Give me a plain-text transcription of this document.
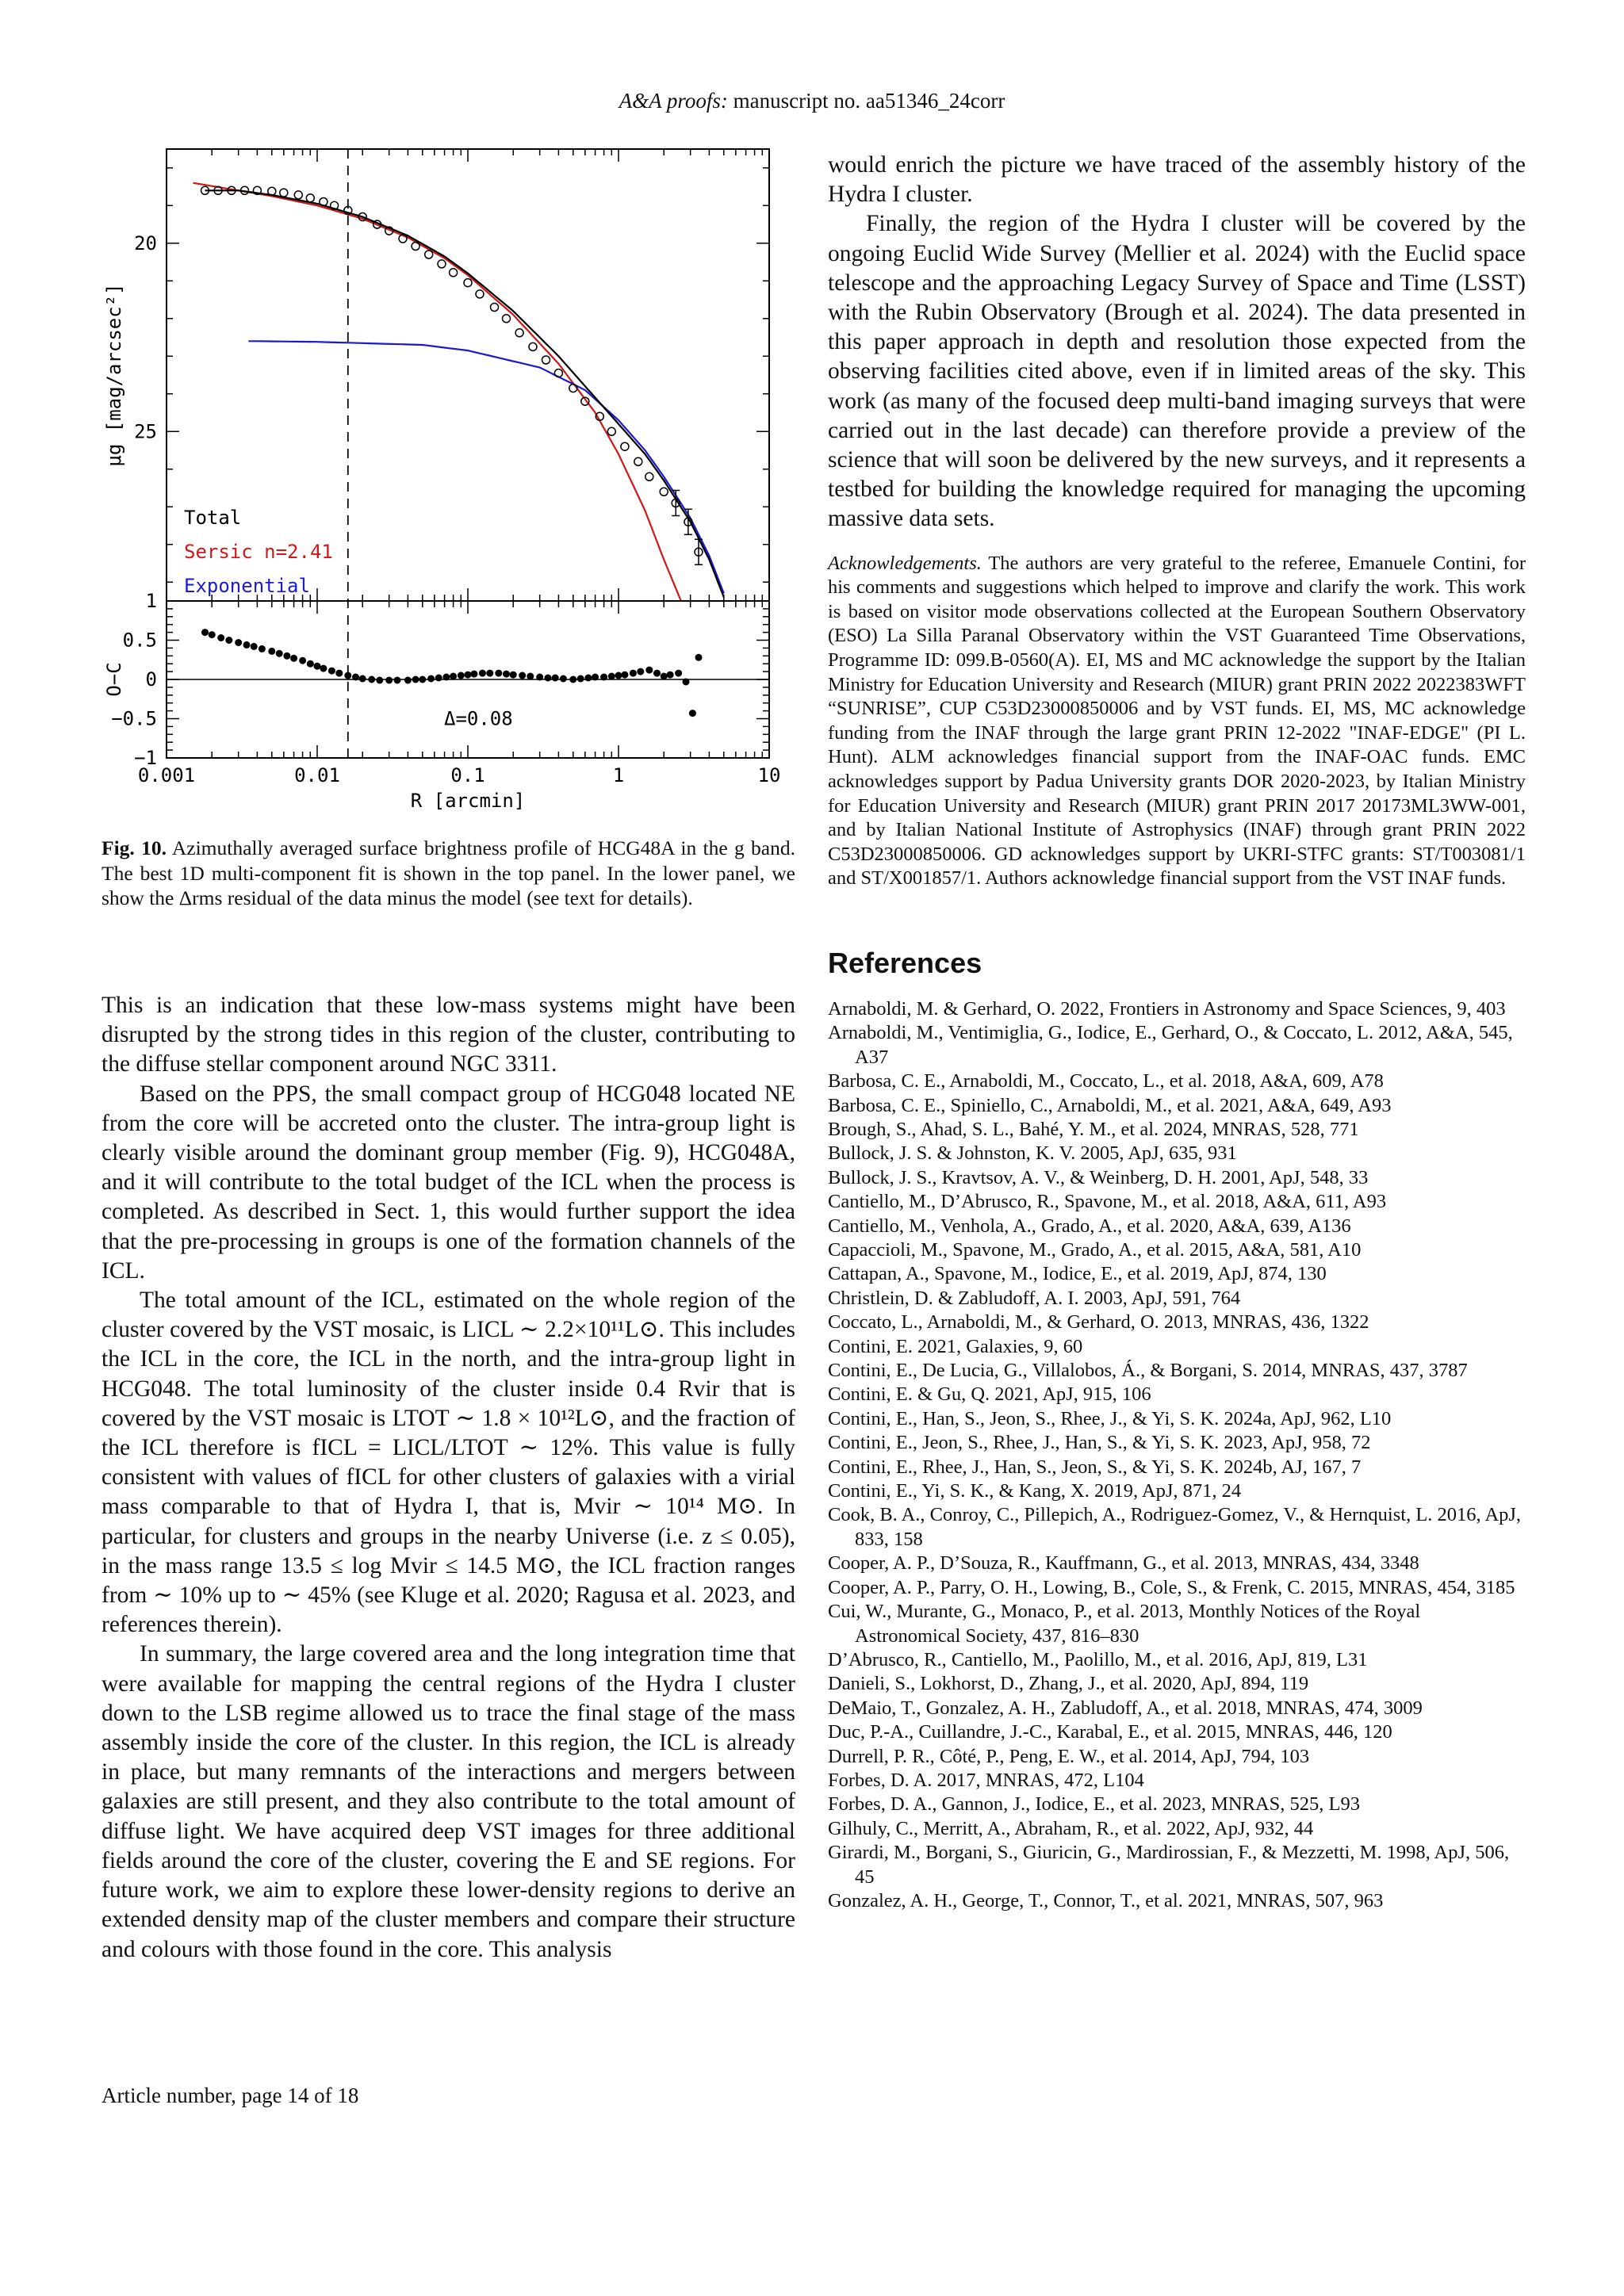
A&A proofs: manuscript no. aa51346_24corr
20
25
μg [mag/arcsec²]
Total
Sersic n=2.41
Exponential
1
0.5
0
−0.5
−1
Δ=0.08
0.001	0.01	0.1	1	10
R [arcmin]
O−C
Fig. 10. Azimuthally averaged surface brightness profile of HCG48A in the g band. The best 1D multi-component fit is shown in the top panel. In the lower panel, we show the Δrms residual of the data minus the model (see text for details).

This is an indication that these low-mass systems might have been disrupted by the strong tides in this region of the cluster, contributing to the diffuse stellar component around NGC 3311.

Based on the PPS, the small compact group of HCG048 located NE from the core will be accreted onto the cluster. The intra-group light is clearly visible around the dominant group member (Fig. 9), HCG048A, and it will contribute to the total budget of the ICL when the process is completed. As described in Sect. 1, this would further support the idea that the pre-processing in groups is one of the formation channels of the ICL.

The total amount of the ICL, estimated on the whole region of the cluster covered by the VST mosaic, is LICL ∼ 2.2×10¹¹L⊙. This includes the ICL in the core, the ICL in the north, and the intra-group light in HCG048. The total luminosity of the cluster inside 0.4 Rvir that is covered by the VST mosaic is LTOT ∼ 1.8 × 10¹²L⊙, and the fraction of the ICL therefore is fICL = LICL/LTOT ∼ 12%. This value is fully consistent with values of fICL for other clusters of galaxies with a virial mass comparable to that of Hydra I, that is, Mvir ∼ 10¹⁴ M⊙. In particular, for clusters and groups in the nearby Universe (i.e. z ≤ 0.05), in the mass range 13.5 ≤ log Mvir ≤ 14.5 M⊙, the ICL fraction ranges from ∼ 10% up to ∼ 45% (see Kluge et al. 2020; Ragusa et al. 2023, and references therein).

In summary, the large covered area and the long integration time that were available for mapping the central regions of the Hydra I cluster down to the LSB regime allowed us to trace the final stage of the mass assembly inside the core of the cluster. In this region, the ICL is already in place, but many remnants of the interactions and mergers between galaxies are still present, and they also contribute to the total amount of diffuse light. We have acquired deep VST images for three additional fields around the core of the cluster, covering the E and SE regions. For future work, we aim to explore these lower-density regions to derive an extended density map of the cluster members and compare their structure and colours with those found in the core. This analysis

would enrich the picture we have traced of the assembly history of the Hydra I cluster.

Finally, the region of the Hydra I cluster will be covered by the ongoing Euclid Wide Survey (Mellier et al. 2024) with the Euclid space telescope and the approaching Legacy Survey of Space and Time (LSST) with the Rubin Observatory (Brough et al. 2024). The data presented in this paper approach in depth and resolution those expected from the observing facilities cited above, even if in limited areas of the sky. This work (as many of the focused deep multi-band imaging surveys that were carried out in the last decade) can therefore provide a preview of the science that will soon be delivered by the new surveys, and it represents a testbed for building the knowledge required for managing the upcoming massive data sets.

Acknowledgements. The authors are very grateful to the referee, Emanuele Contini, for his comments and suggestions which helped to improve and clarify the work. This work is based on visitor mode observations collected at the European Southern Observatory (ESO) La Silla Paranal Observatory within the VST Guaranteed Time Observations, Programme ID: 099.B-0560(A). EI, MS and MC acknowledge the support by the Italian Ministry for Education University and Research (MIUR) grant PRIN 2022 2022383WFT “SUNRISE”, CUP C53D23000850006 and by VST funds. EI, MS, MC acknowledge funding from the INAF through the large grant PRIN 12-2022 "INAF-EDGE" (PI L. Hunt). ALM acknowledges financial support from the INAF-OAC funds. EMC acknowledges support by Padua University grants DOR 2020-2023, by Italian Ministry for Education University and Research (MIUR) grant PRIN 2017 20173ML3WW-001, and by Italian National Institute of Astrophysics (INAF) through grant PRIN 2022 C53D23000850006. GD acknowledges support by UKRI-STFC grants: ST/T003081/1 and ST/X001857/1. Authors acknowledge financial support from the VST INAF funds.

References
Arnaboldi, M. & Gerhard, O. 2022, Frontiers in Astronomy and Space Sciences, 9, 403
Arnaboldi, M., Ventimiglia, G., Iodice, E., Gerhard, O., & Coccato, L. 2012, A&A, 545, A37
Barbosa, C. E., Arnaboldi, M., Coccato, L., et al. 2018, A&A, 609, A78
Barbosa, C. E., Spiniello, C., Arnaboldi, M., et al. 2021, A&A, 649, A93
Brough, S., Ahad, S. L., Bahé, Y. M., et al. 2024, MNRAS, 528, 771
Bullock, J. S. & Johnston, K. V. 2005, ApJ, 635, 931
Bullock, J. S., Kravtsov, A. V., & Weinberg, D. H. 2001, ApJ, 548, 33
Cantiello, M., D’Abrusco, R., Spavone, M., et al. 2018, A&A, 611, A93
Cantiello, M., Venhola, A., Grado, A., et al. 2020, A&A, 639, A136
Capaccioli, M., Spavone, M., Grado, A., et al. 2015, A&A, 581, A10
Cattapan, A., Spavone, M., Iodice, E., et al. 2019, ApJ, 874, 130
Christlein, D. & Zabludoff, A. I. 2003, ApJ, 591, 764
Coccato, L., Arnaboldi, M., & Gerhard, O. 2013, MNRAS, 436, 1322
Contini, E. 2021, Galaxies, 9, 60
Contini, E., De Lucia, G., Villalobos, Á., & Borgani, S. 2014, MNRAS, 437, 3787
Contini, E. & Gu, Q. 2021, ApJ, 915, 106
Contini, E., Han, S., Jeon, S., Rhee, J., & Yi, S. K. 2024a, ApJ, 962, L10
Contini, E., Jeon, S., Rhee, J., Han, S., & Yi, S. K. 2023, ApJ, 958, 72
Contini, E., Rhee, J., Han, S., Jeon, S., & Yi, S. K. 2024b, AJ, 167, 7
Contini, E., Yi, S. K., & Kang, X. 2019, ApJ, 871, 24
Cook, B. A., Conroy, C., Pillepich, A., Rodriguez-Gomez, V., & Hernquist, L. 2016, ApJ, 833, 158
Cooper, A. P., D’Souza, R., Kauffmann, G., et al. 2013, MNRAS, 434, 3348
Cooper, A. P., Parry, O. H., Lowing, B., Cole, S., & Frenk, C. 2015, MNRAS, 454, 3185
Cui, W., Murante, G., Monaco, P., et al. 2013, Monthly Notices of the Royal Astronomical Society, 437, 816–830
D’Abrusco, R., Cantiello, M., Paolillo, M., et al. 2016, ApJ, 819, L31
Danieli, S., Lokhorst, D., Zhang, J., et al. 2020, ApJ, 894, 119
DeMaio, T., Gonzalez, A. H., Zabludoff, A., et al. 2018, MNRAS, 474, 3009
Duc, P.-A., Cuillandre, J.-C., Karabal, E., et al. 2015, MNRAS, 446, 120
Durrell, P. R., Côté, P., Peng, E. W., et al. 2014, ApJ, 794, 103
Forbes, D. A. 2017, MNRAS, 472, L104
Forbes, D. A., Gannon, J., Iodice, E., et al. 2023, MNRAS, 525, L93
Gilhuly, C., Merritt, A., Abraham, R., et al. 2022, ApJ, 932, 44
Girardi, M., Borgani, S., Giuricin, G., Mardirossian, F., & Mezzetti, M. 1998, ApJ, 506, 45
Gonzalez, A. H., George, T., Connor, T., et al. 2021, MNRAS, 507, 963
Article number, page 14 of 18
